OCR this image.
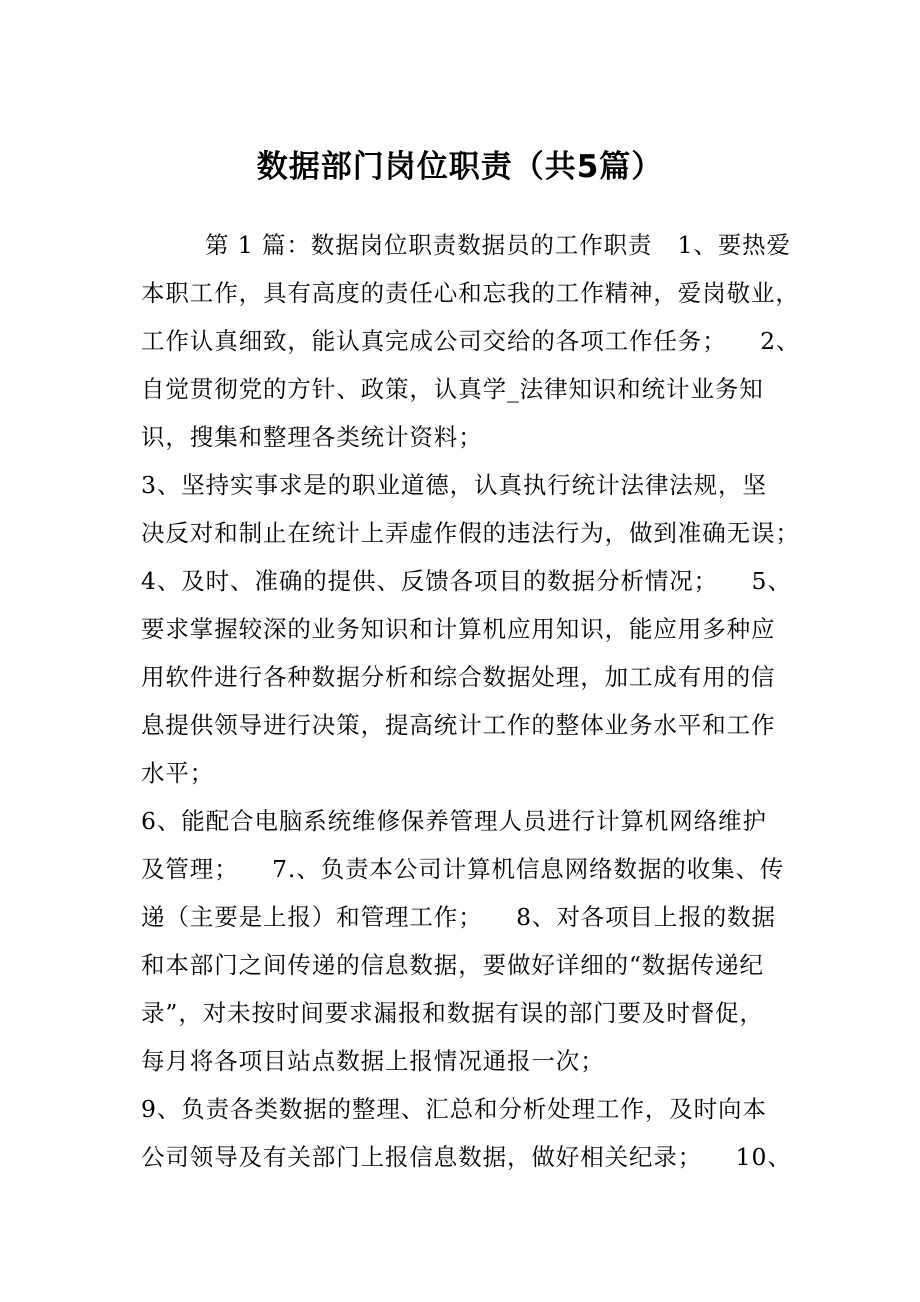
数据部门岗位职责（共5篇）
第 1 篇：数据岗位职责数据员的工作职责   1、要热爱
本职工作，具有高度的责任心和忘我的工作精神，爱岗敬业，
工作认真细致，能认真完成公司交给的各项工作任务；    2、
自觉贯彻党的方针、政策，认真学_法律知识和统计业务知
识，搜集和整理各类统计资料；
3、坚持实事求是的职业道德，认真执行统计法律法规，坚
决反对和制止在统计上弄虚作假的违法行为，做到准确无误；
4、及时、准确的提供、反馈各项目的数据分析情况；    5、
要求掌握较深的业务知识和计算机应用知识，能应用多种应
用软件进行各种数据分析和综合数据处理，加工成有用的信
息提供领导进行决策，提高统计工作的整体业务水平和工作
水平；
6、能配合电脑系统维修保养管理人员进行计算机网络维护
及管理；    7.、负责本公司计算机信息网络数据的收集、传
递（主要是上报）和管理工作；    8、对各项目上报的数据
和本部门之间传递的信息数据，要做好详细的“数据传递纪
录”，对未按时间要求漏报和数据有误的部门要及时督促，
每月将各项目站点数据上报情况通报一次；
9、负责各类数据的整理、汇总和分析处理工作，及时向本
公司领导及有关部门上报信息数据，做好相关纪录；    10、
